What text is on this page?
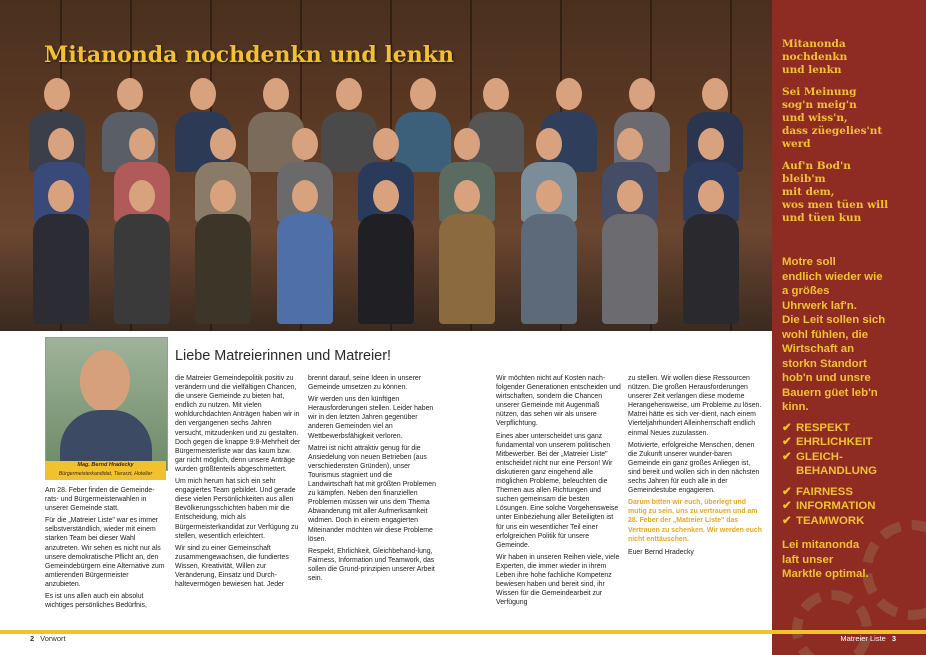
Mitanonda nochdenkn und lenkn	Mitanonda
nochdenkn
und lenkn

Sei Meinung
sog'n meig'n
und wiss'n,
dass züegelies'nt
werd

Auf'n Bod'n
bleib'm
mit dem,
wos men tüen will
und tüen kun

Motre soll
endlich wieder wie
a größes
Uhrwerk laf'n.
Die Leit sollen sich
wohl fühlen, die
Wirtschaft an
storkn Standort
hob'n und unsre
Bauern güet leb'n
kinn.
✔ RESPEKT
✔ EHRLICHKEIT
✔ GLEICH-
BEHANDLUNG
✔ FAIRNESS
✔ INFORMATION
✔ TEAMWORK
Lei mitanonda
laft unser
Marktle optimal.
Mag. Bernd Hradecky
Bürgermeisterkandidat, Tierarzt, Hotelier
Liebe Matreierinnen und Matreier!

Am 28. Feber finden die Gemeinde-rats- und Bürgermeisterwahlen in unserer Gemeinde statt.

Für die „Matreier Liste" war es immer selbstverständlich, wieder mit einem starken Team bei dieser Wahl anzutreten. Wir sehen es nicht nur als unsere demokratische Pflicht an, den Gemeindebürgern eine Alternative zum amtierenden Bürgermeister anzubieten.

Es ist uns allen auch ein absolut wichtiges persönliches Bedürfnis,

die Matreier Gemeindepolitik positiv zu verändern und die vielfältigen Chancen, die unsere Gemeinde zu bieten hat, endlich zu nutzen. Mit vielen wohldurchdachten Anträgen haben wir in den vergangenen sechs Jahren versucht, mitzudenken und zu gestalten. Doch gegen die knappe 9:8-Mehrheit der Bürgermeisterliste war das kaum bzw. gar nicht möglich, denn unsere Anträge wurden größtenteils abgeschmettert.

Um mich herum hat sich ein sehr engagiertes Team gebildet. Und gerade diese vielen Persönlichkeiten aus allen Bevölkerungsschichten haben mir die Entscheidung, mich als Bürgermeisterkandidat zur Verfügung zu stellen, wesentlich erleichtert.

Wir sind zu einer Gemeinschaft zusammengewachsen, die fundiertes Wissen, Kreativität, Willen zur Veränderung, Einsatz und Durch-haltevermögen bewiesen hat. Jeder

brennt darauf, seine Ideen in unserer Gemeinde umsetzen zu können.

Wir werden uns den künftigen Herausforderungen stellen. Leider haben wir in den letzten Jahren gegenüber anderen Gemeinden viel an Wettbewerbsfähigkeit verloren.

Matrei ist nicht attraktiv genug für die Ansiedelung von neuen Betrieben (aus verschiedensten Gründen), unser Tourismus stagniert und die Landwirtschaft hat mit größten Problemen zu kämpfen. Neben den finanziellen Problemen müssen wir uns dem Thema Abwanderung mit aller Aufmerksamkeit widmen. Doch in einem engagierten Miteinander möchten wir diese Probleme lösen.

Respekt, Ehrlichkeit, Gleichbehand-lung, Fairness, Information und Teamwork, das sollen die Grund-prinzipien unserer Arbeit sein.

Wir möchten nicht auf Kosten nach-folgender Generationen entscheiden und wirtschaften, sondern die Chancen unserer Gemeinde mit Augenmaß nützen, das sehen wir als unsere Verpflichtung.

Eines aber unterscheidet uns ganz fundamental von unserem politischen Mitbewerber. Bei der „Matreier Liste" entscheidet nicht nur eine Person! Wir diskutieren ganz eingehend alle möglichen Probleme, beleuchten die Themen aus allen Richtungen und suchen gemeinsam die besten Lösungen. Eine solche Vorgehensweise unter Einbeziehung aller Beteiligten ist für uns ein wesentlicher Teil einer erfolgreichen Politik für unsere Gemeinde.

Wir haben in unseren Reihen viele, viele Experten, die immer wieder in ihrem Leben ihre hohe fachliche Kompetenz bewiesen haben und bereit sind, ihr Wissen für die Gemeindearbeit zur Verfügung

zu stellen. Wir wollen diese Ressourcen nützen. Die großen Herausforderungen unserer Zeit verlangen diese moderne Herangehensweise, um Probleme zu lösen. Matrei hätte es sich ver-dient, nach einem Vierteljahrhundert Alleinherrschaft endlich einmal Neues zuzulassen.

Motivierte, erfolgreiche Menschen, denen die Zukunft unserer wunder-baren Gemeinde ein ganz großes Anliegen ist, sind bereit und wollen sich in den nächsten sechs Jahren für euch alle in der Gemeindestube engagieren.

Darum bitten wir euch, überlegt und mutig zu sein, uns zu vertrauen und am 28. Feber der „Matreier Liste" das Vertrauen zu schenken. Wir werden euch nicht enttäuschen.

Euer Bernd Hradecky

2 Vorwort	Matreier Liste 3
